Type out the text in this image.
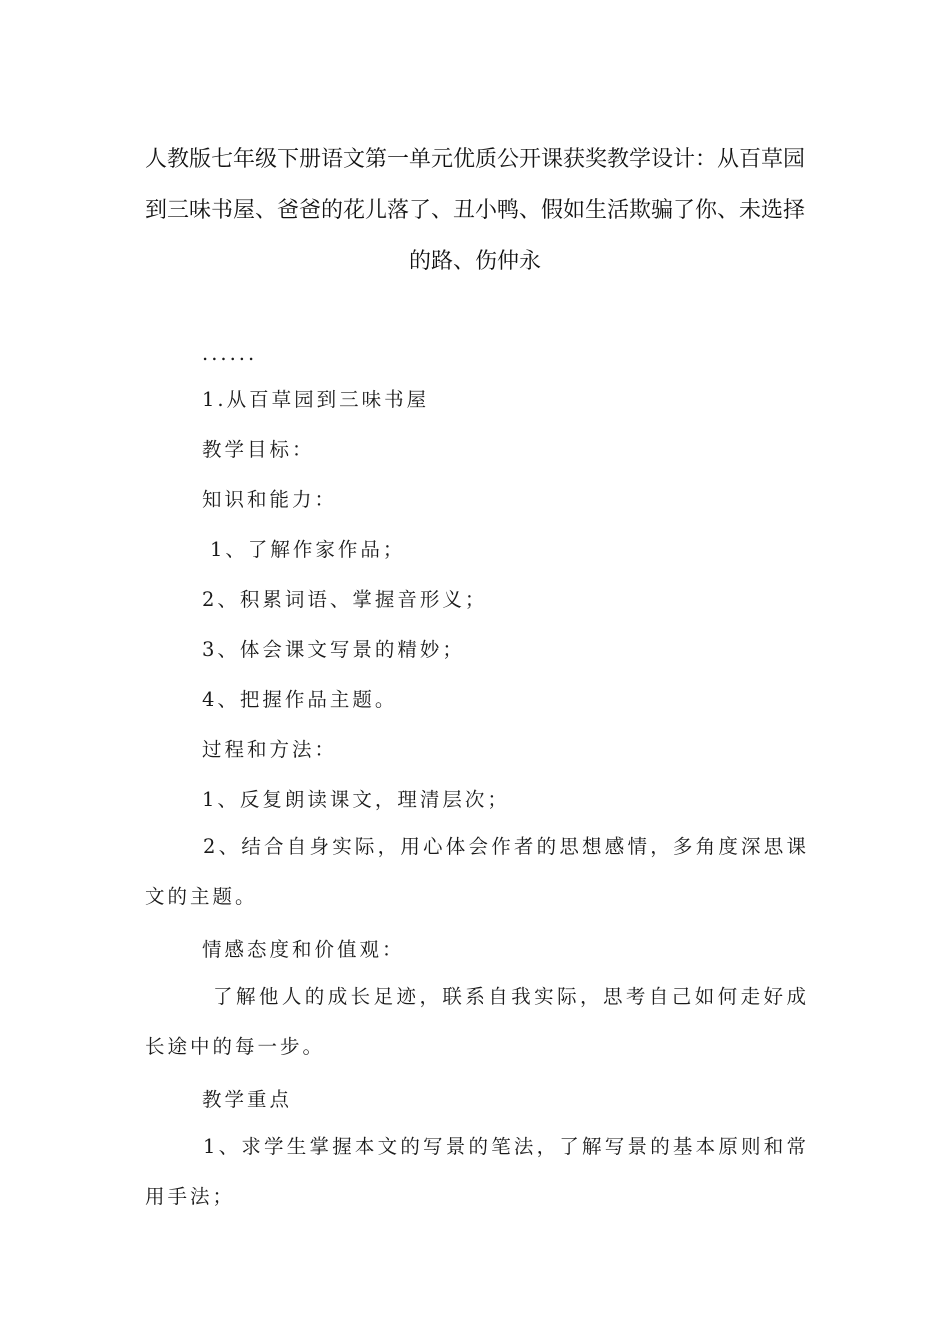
人教版七年级下册语文第一单元优质公开课获奖教学设计：从百草园到三味书屋、爸爸的花儿落了、丑小鸭、假如生活欺骗了你、未选择的路、伤仲永
......
1.从百草园到三味书屋
教学目标：
知识和能力：
1、了解作家作品；
2、积累词语、掌握音形义；
3、体会课文写景的精妙；
4、把握作品主题。
过程和方法：
1、反复朗读课文，理清层次；
2、结合自身实际，用心体会作者的思想感情，多角度深思课文的主题。
情感态度和价值观：
了解他人的成长足迹，联系自我实际，思考自己如何走好成长途中的每一步。
教学重点
1、求学生掌握本文的写景的笔法，了解写景的基本原则和常用手法；
